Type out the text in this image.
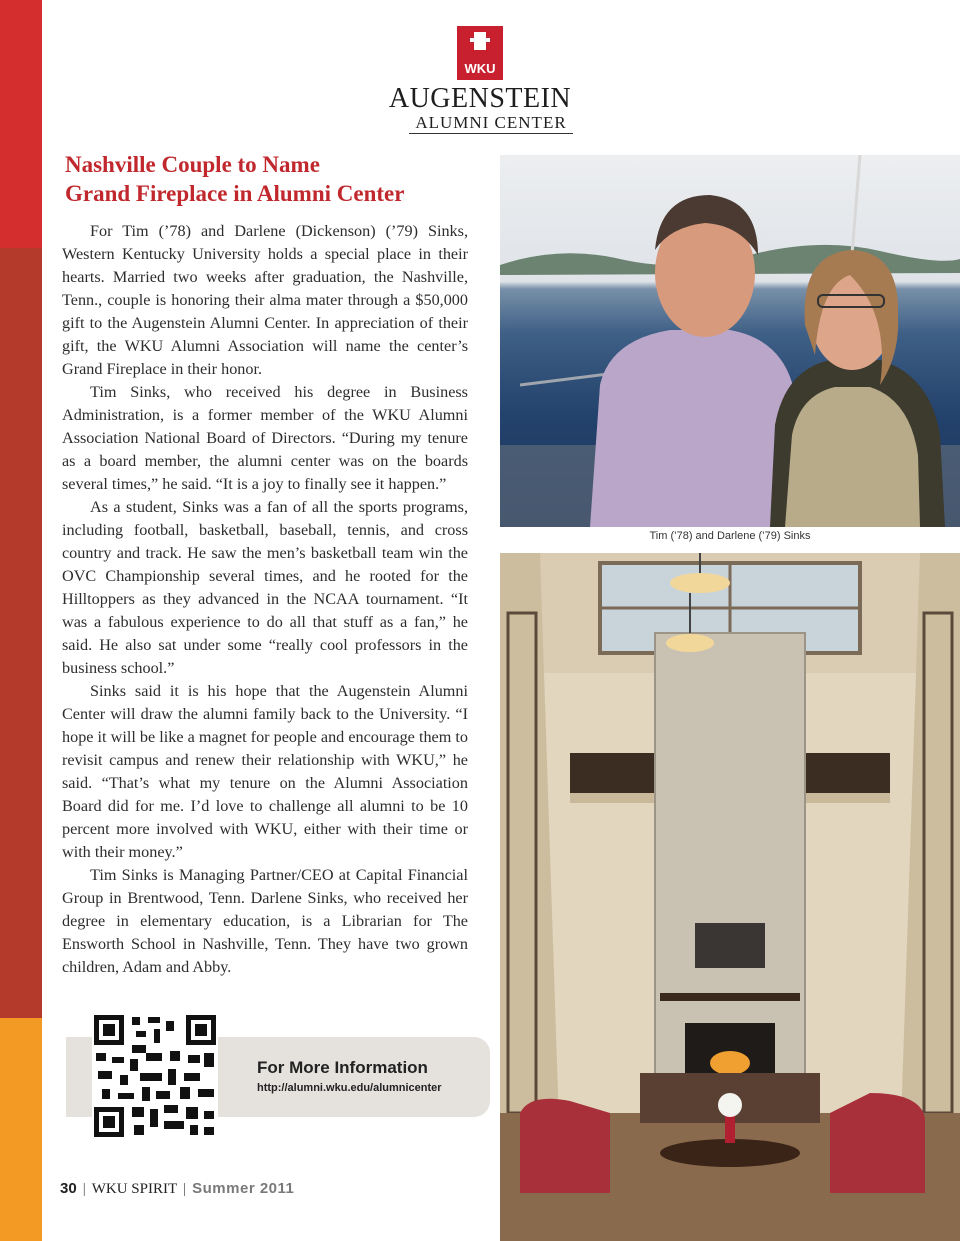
WKU
AUGENSTEIN
ALUMNI CENTER
Nashville Couple to Name
Grand Fireplace in Alumni Center

For Tim (’78) and Darlene (Dickenson) (’79) Sinks, Western Kentucky University holds a special place in their hearts. Married two weeks after graduation, the Nashville, Tenn., couple is honoring their alma mater through a $50,000 gift to the Augenstein Alumni Center. In appreciation of their gift, the WKU Alumni Association will name the center’s Grand Fireplace in their honor.

Tim Sinks, who received his degree in Business Administration, is a former member of the WKU Alumni Association National Board of Directors. “During my tenure as a board member, the alumni center was on the boards several times,” he said. “It is a joy to finally see it happen.”

As a student, Sinks was a fan of all the sports programs, including football, basketball, baseball, tennis, and cross country and track. He saw the men’s basketball team win the OVC Championship several times, and he rooted for the Hilltoppers as they advanced in the NCAA tournament. “It was a fabulous experience to do all that stuff as a fan,” he said. He also sat under some “really cool professors in the business school.”

Sinks said it is his hope that the Augenstein Alumni Center will draw the alumni family back to the University. “I hope it will be like a magnet for people and encourage them to revisit campus and renew their relationship with WKU,” he said. “That’s what my tenure on the Alumni Association Board did for me. I’d love to challenge all alumni to be 10 percent more involved with WKU, either with their time or with their money.”

Tim Sinks is Managing Partner/CEO at Capital Financial Group in Brentwood, Tenn. Darlene Sinks, who received her degree in elementary education, is a Librarian for The Ensworth School in Nashville, Tenn. They have two grown children, Adam and Abby.

Tim (’78) and Darlene (’79) Sinks
For More Information
http://alumni.wku.edu/alumnicenter
30 | WKU SPIRIT | Summer 2011
